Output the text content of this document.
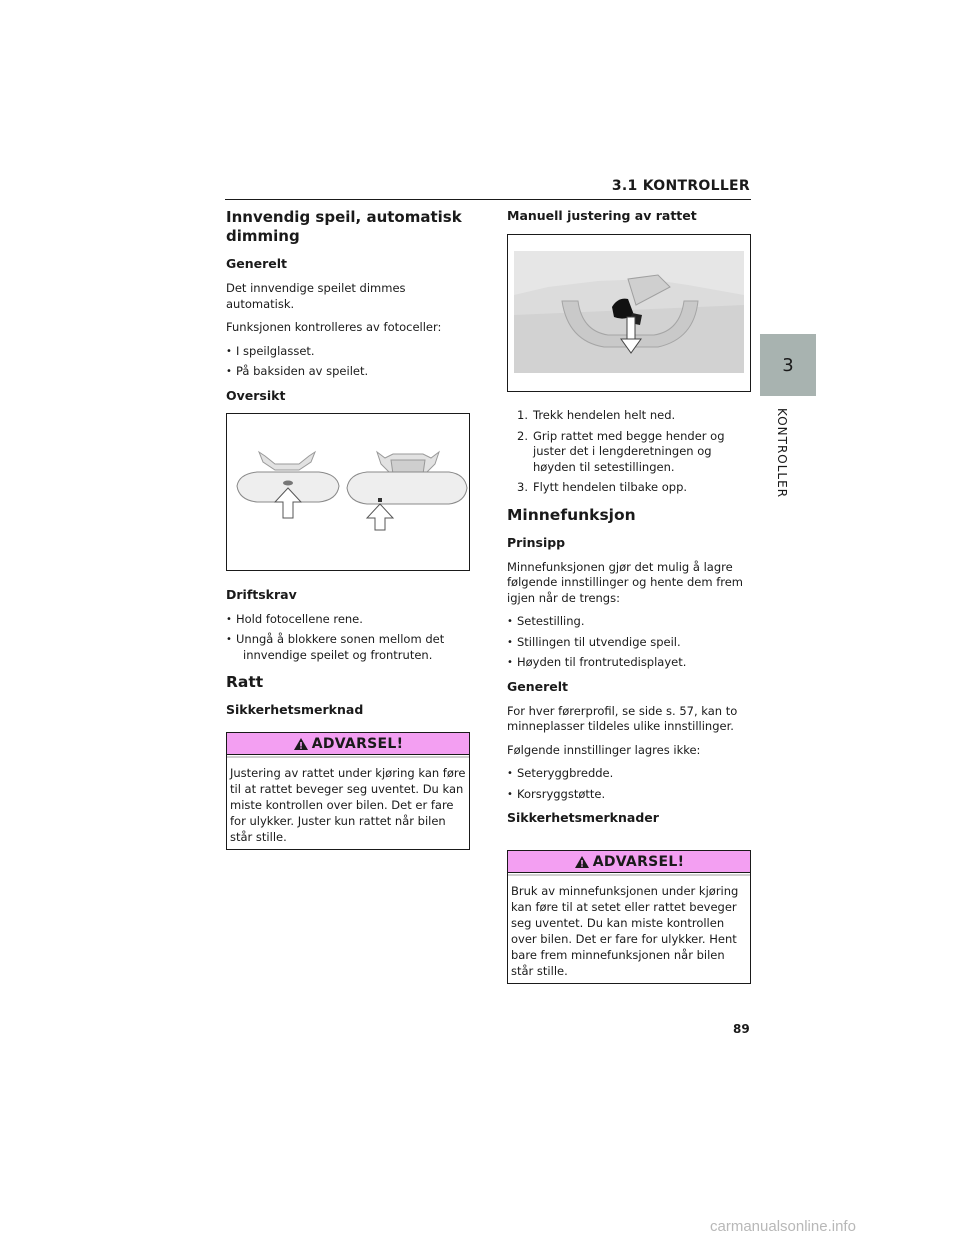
3.1 KONTROLLER
3
KONTROLLER
Innvendig speil, automatisk dimming
Generelt
Det innvendige speilet dimmes automatisk.
Funksjonen kontrolleres av fotoceller:
• I speilglasset.
• På baksiden av speilet.
Oversikt
Driftskrav
• Hold fotocellene rene.
• Unngå å blokkere sonen mellom det
innvendige speilet og frontruten.
Ratt
Sikkerhetsmerknad
ADVARSEL!
Justering av rattet under kjøring kan føre til at rattet beveger seg uventet. Du kan miste kontrollen over bilen. Det er fare for ulykker. Juster kun rattet når bilen står stille.
Manuell justering av rattet
1. Trekk hendelen helt ned.
2. Grip rattet med begge hender og juster det i lengderetningen og høyden til setestillingen.
3. Flytt hendelen tilbake opp.
Minnefunksjon
Prinsipp
Minnefunksjonen gjør det mulig å lagre følgende innstillinger og hente dem frem igjen når de trengs:
• Setestilling.
• Stillingen til utvendige speil.
• Høyden til frontrutedisplayet.
Generelt
For hver førerprofil, se side s. 57, kan to minneplasser tildeles ulike innstillinger.
Følgende innstillinger lagres ikke:
• Seteryggbredde.
• Korsryggstøtte.
Sikkerhetsmerknader
ADVARSEL!
Bruk av minnefunksjonen under kjøring kan føre til at setet eller rattet beveger seg uventet. Du kan miste kontrollen over bilen. Det er fare for ulykker. Hent bare frem minnefunksjonen når bilen står stille.
89
carmanualsonline.info
